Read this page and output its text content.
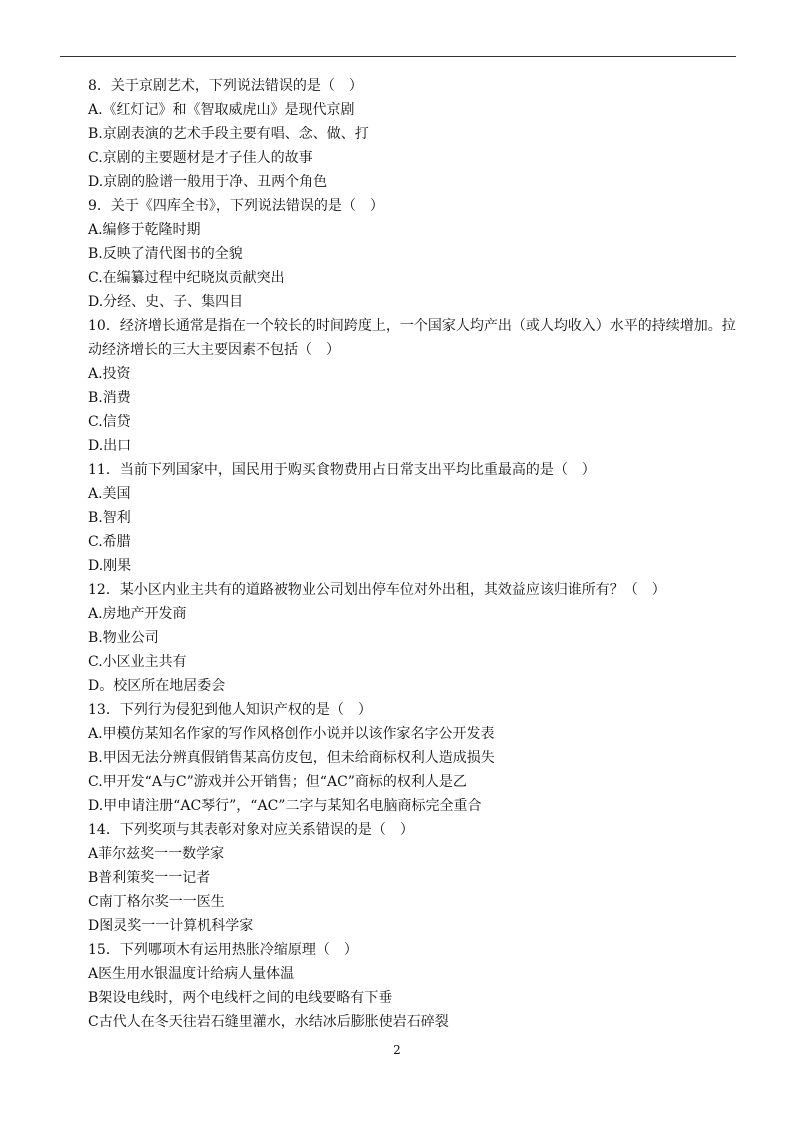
8．关于京剧艺术，下列说法错误的是（　）
A.《红灯记》和《智取威虎山》是现代京剧
B.京剧表演的艺术手段主要有唱、念、做、打
C.京剧的主要题材是才子佳人的故事
D.京剧的脸谱一般用于净、丑两个角色
9．关于《四库全书》，下列说法错误的是（　）
A.编修于乾隆时期
B.反映了清代图书的全貌
C.在编纂过程中纪晓岚贡献突出
D.分经、史、子、集四目
10．经济增长通常是指在一个较长的时间跨度上，一个国家人均产出（或人均收入）水平的持续增加。拉动经济增长的三大主要因素不包括（　）
A.投资
B.消费
C.信贷
D.出口
11．当前下列国家中，国民用于购买食物费用占日常支出平均比重最高的是（　）
A.美国
B.智利
C.希腊
D.刚果
12．某小区内业主共有的道路被物业公司划出停车位对外出租，其效益应该归谁所有？（　）
A.房地产开发商
B.物业公司
C.小区业主共有
D。校区所在地居委会
13．下列行为侵犯到他人知识产权的是（　）
A.甲模仿某知名作家的写作风格创作小说并以该作家名字公开发表
B.甲因无法分辨真假销售某高仿皮包，但未给商标权利人造成损失
C.甲开发“A与C”游戏并公开销售；但“AC”商标的权利人是乙
D.甲申请注册“AC琴行”，“AC”二字与某知名电脑商标完全重合
14．下列奖项与其表彰对象对应关系错误的是（　）
A菲尔兹奖一一数学家
B普利策奖一一记者
C南丁格尔奖一一医生
D图灵奖一一计算机科学家
15．下列哪项木有运用热胀冷缩原理（　）
A医生用水银温度计给病人量体温
B架设电线时，两个电线杆之间的电线要略有下垂
C古代人在冬天往岩石缝里灌水，水结冰后膨胀使岩石碎裂
2
